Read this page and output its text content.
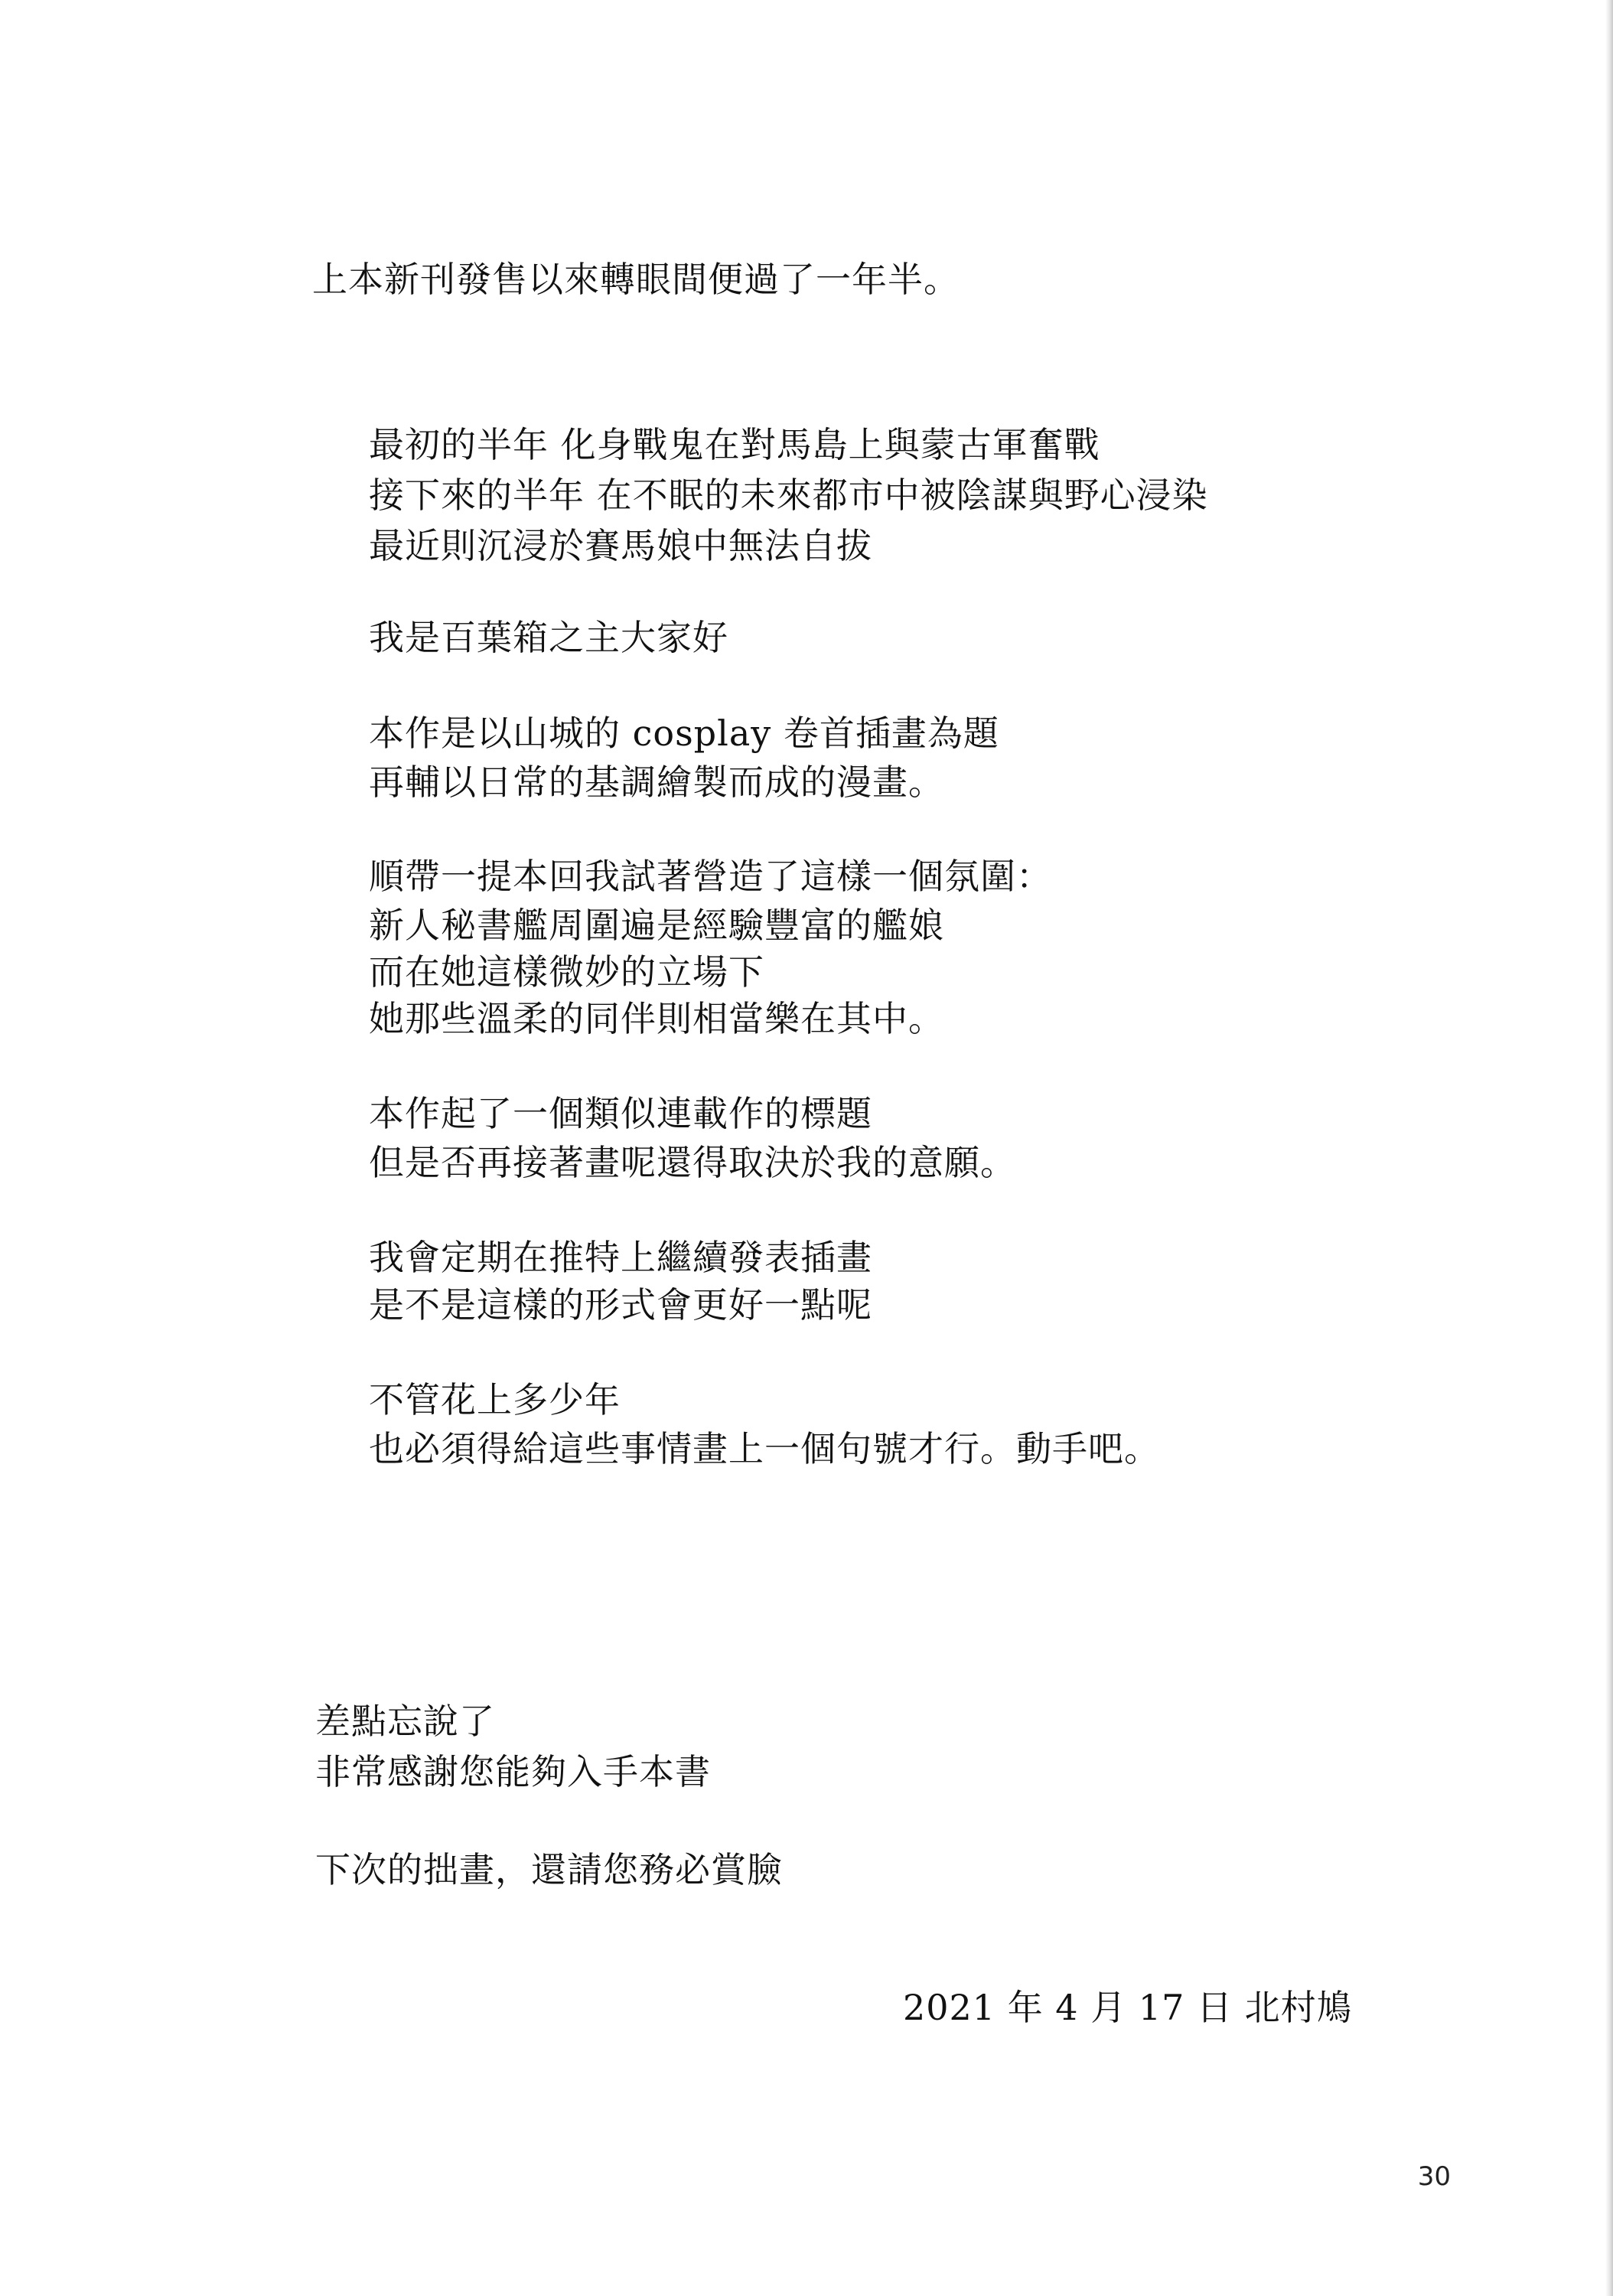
上本新刊發售以來轉眼間便過了一年半。
最初的半年 化身戰鬼在對馬島上與蒙古軍奮戰
接下來的半年 在不眠的未來都市中被陰謀與野心浸染
最近則沉浸於賽馬娘中無法自拔
我是百葉箱之主大家好
本作是以山城的 cosplay 卷首插畫為題
再輔以日常的基調繪製而成的漫畫。
順帶一提本回我試著營造了這樣一個氛圍：
新人秘書艦周圍遍是經驗豐富的艦娘
而在她這樣微妙的立場下
她那些溫柔的同伴則相當樂在其中。
本作起了一個類似連載作的標題
但是否再接著畫呢還得取決於我的意願。
我會定期在推特上繼續發表插畫
是不是這樣的形式會更好一點呢
不管花上多少年
也必須得給這些事情畫上一個句號才行。動手吧。
差點忘說了
非常感謝您能夠入手本書
下次的拙畫，還請您務必賞臉
2021 年 4 月 17 日 北村鳩
30
